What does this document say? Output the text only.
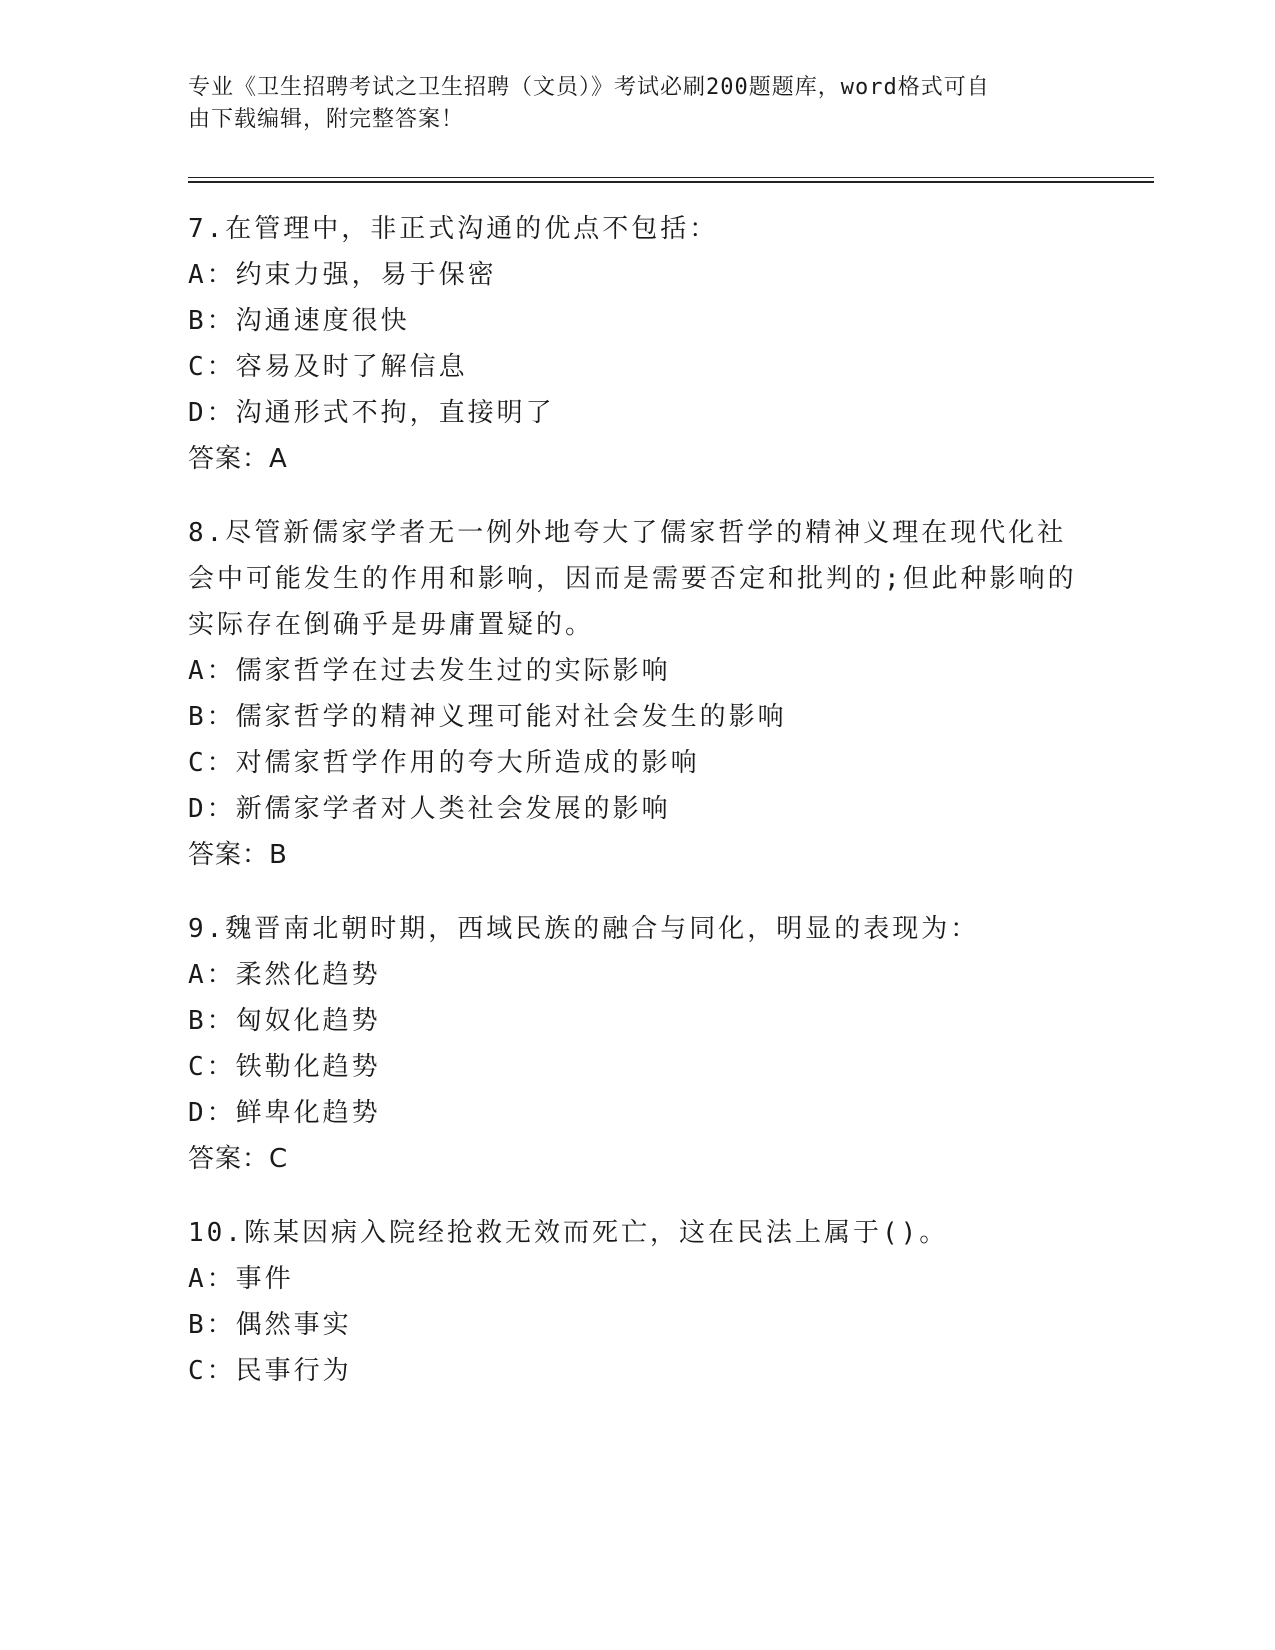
专业《卫生招聘考试之卫生招聘（文员）》考试必刷200题题库，word格式可自
由下载编辑，附完整答案！
7.在管理中，非正式沟通的优点不包括：
A：约束力强，易于保密
B：沟通速度很快
C：容易及时了解信息
D：沟通形式不拘，直接明了
答案：A
8.尽管新儒家学者无一例外地夸大了儒家哲学的精神义理在现代化社
会中可能发生的作用和影响，因而是需要否定和批判的;但此种影响的
实际存在倒确乎是毋庸置疑的。
A：儒家哲学在过去发生过的实际影响
B：儒家哲学的精神义理可能对社会发生的影响
C：对儒家哲学作用的夸大所造成的影响
D：新儒家学者对人类社会发展的影响
答案：B
9.魏晋南北朝时期，西域民族的融合与同化，明显的表现为：
A：柔然化趋势
B：匈奴化趋势
C：铁勒化趋势
D：鲜卑化趋势
答案：C
10.陈某因病入院经抢救无效而死亡，这在民法上属于()。
A：事件
B：偶然事实
C：民事行为
